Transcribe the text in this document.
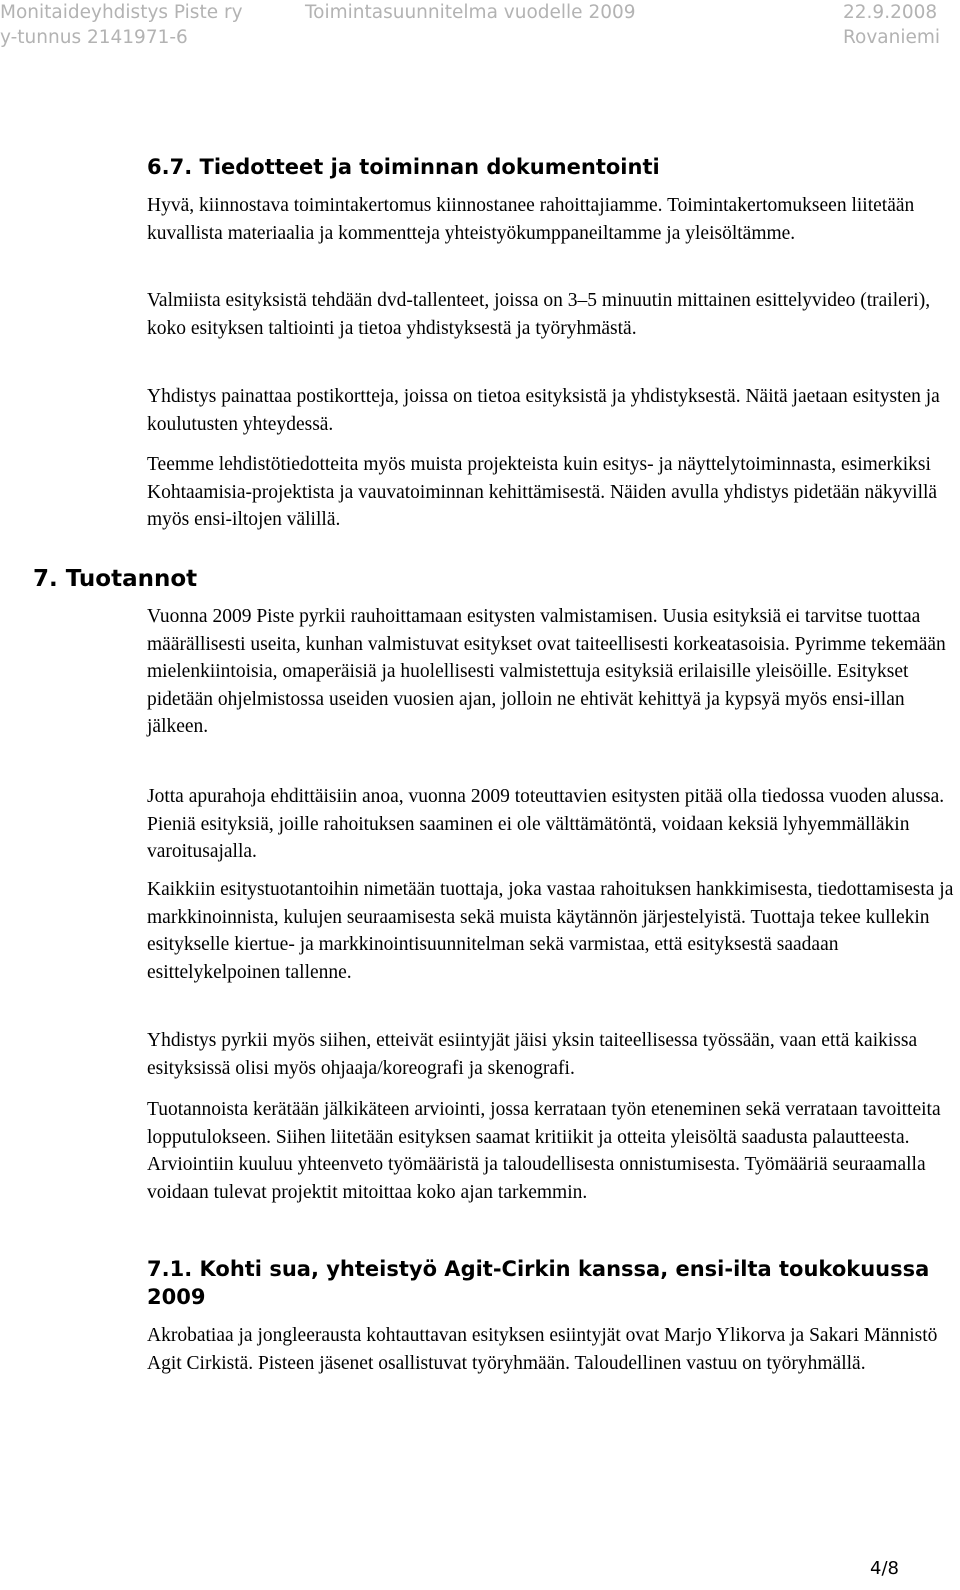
Monitaideyhdistys Piste ry
y-tunnus 2141971-6
Toimintasuunnitelma vuodelle 2009	22.9.2008
Rovaniemi
6.7. Tiedotteet ja toiminnan dokumentointi

Hyvä, kiinnostava toimintakertomus kiinnostanee rahoittajiamme. Toimintakertomukseen liitetään kuvallista materiaalia ja kommentteja yhteistyökumppaneiltamme ja yleisöltämme.

Valmiista esityksistä tehdään dvd-tallenteet, joissa on 3–5 minuutin mittainen esittelyvideo (traileri), koko esityksen taltiointi ja tietoa yhdistyksestä ja työryhmästä.

Yhdistys painattaa postikortteja, joissa on tietoa esityksistä ja yhdistyksestä. Näitä jaetaan esitysten ja koulutusten yhteydessä.

Teemme lehdistötiedotteita myös muista projekteista kuin esitys- ja näyttelytoiminnasta, esimerkiksi Kohtaamisia-projektista ja vauvatoiminnan kehittämisestä. Näiden avulla yhdistys pidetään näkyvillä myös ensi-iltojen välillä.

7. Tuotannot

Vuonna 2009 Piste pyrkii rauhoittamaan esitysten valmistamisen. Uusia esityksiä ei tarvitse tuottaa määrällisesti useita, kunhan valmistuvat esitykset ovat taiteellisesti korkeatasoisia. Pyrimme tekemään mielenkiintoisia, omaperäisiä ja huolellisesti valmistettuja esityksiä erilaisille yleisöille. Esitykset pidetään ohjelmistossa useiden vuosien ajan, jolloin ne ehtivät kehittyä ja kypsyä myös ensi-illan jälkeen.

Jotta apurahoja ehdittäisiin anoa, vuonna 2009 toteuttavien esitysten pitää olla tiedossa vuoden alussa. Pieniä esityksiä, joille rahoituksen saaminen ei ole välttämätöntä, voidaan keksiä lyhyemmälläkin varoitusajalla.

Kaikkiin esitystuotantoihin nimetään tuottaja, joka vastaa rahoituksen hankkimisesta, tiedottamisesta ja markkinoinnista, kulujen seuraamisesta sekä muista käytännön järjestelyistä. Tuottaja tekee kullekin esitykselle kiertue- ja markkinointisuunnitelman sekä varmistaa, että esityksestä saadaan esittelykelpoinen tallenne.

Yhdistys pyrkii myös siihen, etteivät esiintyjät jäisi yksin taiteellisessa työssään, vaan että kaikissa esityksissä olisi myös ohjaaja/koreografi ja skenografi.

Tuotannoista kerätään jälkikäteen arviointi, jossa kerrataan työn eteneminen sekä verrataan tavoitteita lopputulokseen. Siihen liitetään esityksen saamat kritiikit ja otteita yleisöltä saadusta palautteesta. Arviointiin kuuluu yhteenveto työmääristä ja taloudellisesta onnistumisesta. Työmääriä seuraamalla voidaan tulevat projektit mitoittaa koko ajan tarkemmin.

7.1. Kohti sua, yhteistyö Agit-Cirkin kanssa, ensi-ilta toukokuussa 2009

Akrobatiaa ja jongleerausta kohtauttavan esityksen esiintyjät ovat Marjo Ylikorva ja Sakari Männistö Agit Cirkistä. Pisteen jäsenet osallistuvat työryhmään. Taloudellinen vastuu on työryhmällä.

4/8
